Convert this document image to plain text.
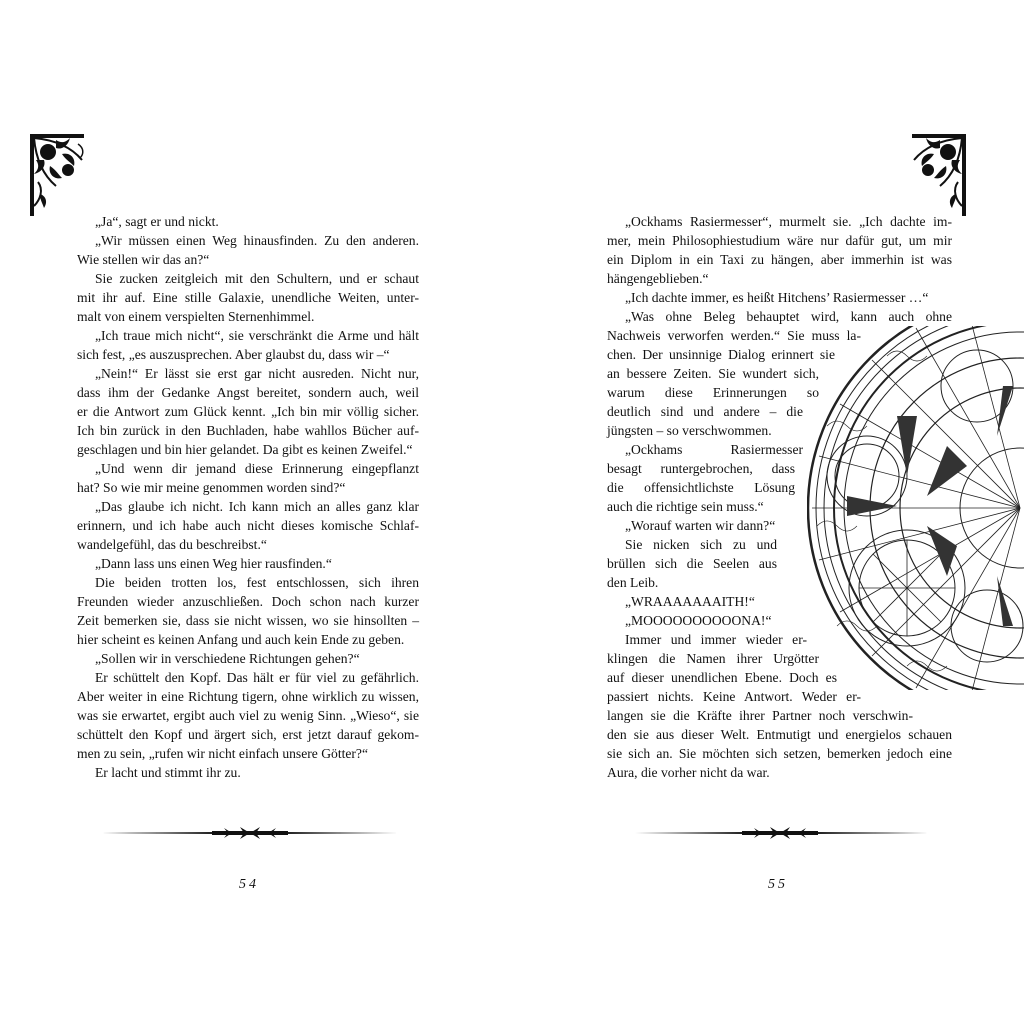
„Ja“, sagt er und nickt.

„Wir müssen einen Weg hinausfinden. Zu den anderen.

Wie stellen wir das an?“

Sie zucken zeitgleich mit den Schultern, und er schaut

mit ihr auf. Eine stille Galaxie, unendliche Weiten, unter-

malt von einem verspielten Sternenhimmel.

„Ich traue mich nicht“, sie verschränkt die Arme und hält

sich fest, „es auszusprechen. Aber glaubst du, dass wir –“

„Nein!“ Er lässt sie erst gar nicht ausreden. Nicht nur,

dass ihm der Gedanke Angst bereitet, sondern auch, weil

er die Antwort zum Glück kennt. „Ich bin mir völlig sicher.

Ich bin zurück in den Buchladen, habe wahllos Bücher auf-

geschlagen und bin hier gelandet. Da gibt es keinen Zweifel.“

„Und wenn dir jemand diese Erinnerung eingepflanzt

hat? So wie mir meine genommen worden sind?“

„Das glaube ich nicht. Ich kann mich an alles ganz klar

erinnern, und ich habe auch nicht dieses komische Schlaf-

wandelgefühl, das du beschreibst.“

„Dann lass uns einen Weg hier rausfinden.“

Die beiden trotten los, fest entschlossen, sich ihren

Freunden wieder anzuschließen. Doch schon nach kurzer

Zeit bemerken sie, dass sie nicht wissen, wo sie hinsollten –

hier scheint es keinen Anfang und auch kein Ende zu geben.

„Sollen wir in verschiedene Richtungen gehen?“

Er schüttelt den Kopf. Das hält er für viel zu gefährlich.

Aber weiter in eine Richtung tigern, ohne wirklich zu wissen,

was sie erwartet, ergibt auch viel zu wenig Sinn. „Wieso“, sie

schüttelt den Kopf und ärgert sich, erst jetzt darauf gekom-

men zu sein, „rufen wir nicht einfach unsere Götter?“

Er lacht und stimmt ihr zu.

54

„Ockhams Rasiermesser“, murmelt sie. „Ich dachte im-

mer, mein Philosophiestudium wäre nur dafür gut, um mir

ein Diplom in ein Taxi zu hängen, aber immerhin ist was

hängengeblieben.“

„Ich dachte immer, es heißt Hitchens’ Rasiermesser …“

„Was ohne Beleg behauptet wird, kann auch ohne

Nachweis verworfen werden.“ Sie muss la-

chen. Der unsinnige Dialog erinnert sie

an bessere Zeiten. Sie wundert sich,

warum diese Erinnerungen so

deutlich sind und andere – die

jüngsten – so verschwommen.

„Ockhams Rasiermesser

besagt runtergebrochen, dass

die offensichtlichste Lösung

auch die richtige sein muss.“

„Worauf warten wir dann?“

Sie nicken sich zu und

brüllen sich die Seelen aus

den Leib.

„WRAAAAAAAITH!“

„MOOOOOOOOOONA!“

Immer und immer wieder er-

klingen die Namen ihrer Urgötter

auf dieser unendlichen Ebene. Doch es

passiert nichts. Keine Antwort. Weder er-

langen sie die Kräfte ihrer Partner noch verschwin-

den sie aus dieser Welt. Entmutigt und energielos schauen

sie sich an. Sie möchten sich setzen, bemerken jedoch eine

Aura, die vorher nicht da war.

55
